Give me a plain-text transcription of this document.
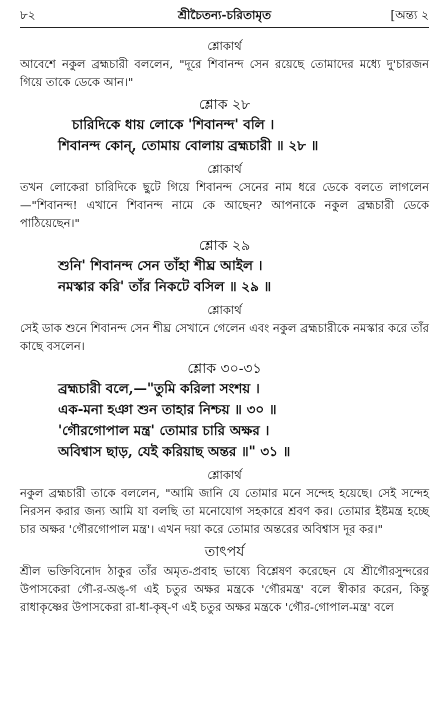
৮২	শ্রীচৈতন্য-চরিতামৃত	[অন্ত্য ২
শ্লোকার্থ
আবেশে নকুল ব্রহ্মচারী বললেন, "দূরে শিবানন্দ সেন রয়েছে তোমাদের মধ্যে দু'চারজন গিয়ে তাকে ডেকে আন।"
শ্লোক ২৮
চারিদিকে ধায় লোকে 'শিবানন্দ' বলি ।
শিবানন্দ কোন্, তোমায় বোলায় ব্রহ্মচারী ॥ ২৮ ॥
শ্লোকার্থ
তখন লোকেরা চারিদিকে ছুটে গিয়ে শিবানন্দ সেনের নাম ধরে ডেকে বলতে লাগলেন—"শিবানন্দ! এখানে শিবানন্দ নামে কে আছেন? আপনাকে নকুল ব্রহ্মচারী ডেকে পাঠিয়েছেন।"
শ্লোক ২৯
শুনি' শিবানন্দ সেন তাঁহা শীঘ্র আইল ।
নমস্কার করি' তাঁর নিকটে বসিল ॥ ২৯ ॥
শ্লোকার্থ
সেই ডাক শুনে শিবানন্দ সেন শীঘ্র সেখানে গেলেন এবং নকুল ব্রহ্মচারীকে নমস্কার করে তাঁর কাছে বসলেন।
শ্লোক ৩০-৩১
ব্রহ্মচারী বলে,—"তুমি করিলা সংশয় ।
এক-মনা হঞা শুন তাহার নিশ্চয় ॥ ৩০ ॥
'গৌরগোপাল মন্ত্র' তোমার চারি অক্ষর ।
অবিশ্বাস ছাড়, যেই করিয়াছ অন্তর ॥" ৩১ ॥
শ্লোকার্থ
নকুল ব্রহ্মচারী তাকে বললেন, "আমি জানি যে তোমার মনে সন্দেহ হয়েছে। সেই সন্দেহ নিরসন করার জন্য আমি যা বলছি তা মনোযোগ সহকারে শ্রবণ কর। তোমার ইষ্টমন্ত্র হচ্ছে চার অক্ষর 'গৌরগোপাল মন্ত্র'। এখন দয়া করে তোমার অন্তরের অবিশ্বাস দূর কর।"
তাৎপর্য
শ্রীল ভক্তিবিনোদ ঠাকুর তাঁর অমৃত-প্রবাহ ভাষ্যে বিশ্লেষণ করেছেন যে শ্রীগৌরসুন্দরের উপাসকেরা গৌ-র-অঙ্-গ এই চতুর অক্ষর মন্ত্রকে 'গৌরমন্ত্র' বলে স্বীকার করেন, কিন্তু রাধাকৃষ্ণের উপাসকেরা রা-ধা-কৃষ্-ণ এই চতুর অক্ষর মন্ত্রকে 'গৌর-গোপাল-মন্ত্র' বলে
